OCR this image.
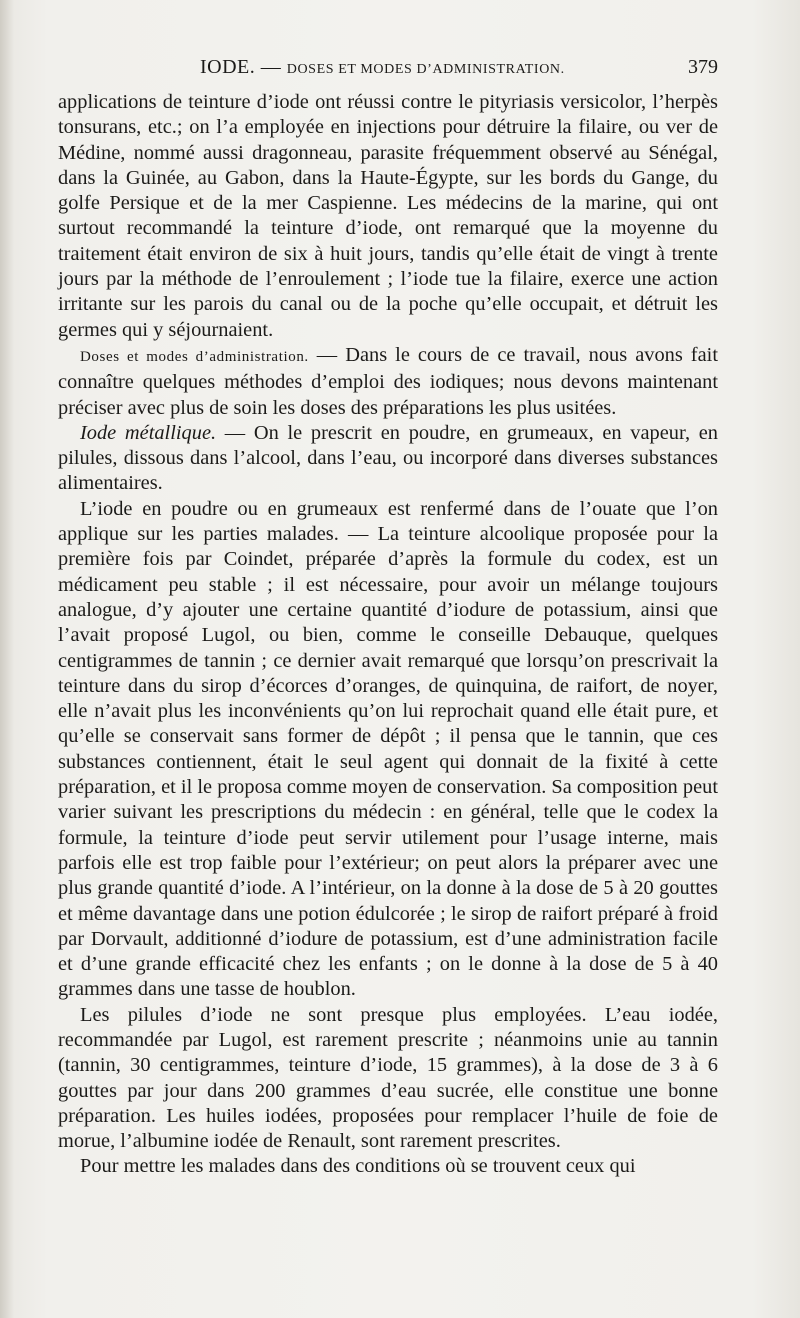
IODE. — DOSES ET MODES D’ADMINISTRATION.	379

applications de teinture d’iode ont réussi contre le pityriasis versicolor, l’herpès tonsurans, etc.; on l’a employée en injections pour détruire la filaire, ou ver de Médine, nommé aussi dragonneau, parasite fréquemment observé au Sénégal, dans la Guinée, au Gabon, dans la Haute-Égypte, sur les bords du Gange, du golfe Persique et de la mer Caspienne. Les médecins de la marine, qui ont surtout recommandé la teinture d’iode, ont remarqué que la moyenne du traitement était environ de six à huit jours, tandis qu’elle était de vingt à trente jours par la méthode de l’enroulement ; l’iode tue la filaire, exerce une action irritante sur les parois du canal ou de la poche qu’elle occupait, et détruit les germes qui y séjournaient.

Doses et modes d’administration. — Dans le cours de ce travail, nous avons fait connaître quelques méthodes d’emploi des iodiques; nous devons maintenant préciser avec plus de soin les doses des préparations les plus usitées.

Iode métallique. — On le prescrit en poudre, en grumeaux, en vapeur, en pilules, dissous dans l’alcool, dans l’eau, ou incorporé dans diverses substances alimentaires.

L’iode en poudre ou en grumeaux est renfermé dans de l’ouate que l’on applique sur les parties malades. — La teinture alcoolique proposée pour la première fois par Coindet, préparée d’après la formule du codex, est un médicament peu stable ; il est nécessaire, pour avoir un mélange toujours analogue, d’y ajouter une certaine quantité d’iodure de potassium, ainsi que l’avait proposé Lugol, ou bien, comme le conseille Debauque, quelques centigrammes de tannin ; ce dernier avait remarqué que lorsqu’on prescrivait la teinture dans du sirop d’écorces d’oranges, de quinquina, de raifort, de noyer, elle n’avait plus les inconvénients qu’on lui reprochait quand elle était pure, et qu’elle se conservait sans former de dépôt ; il pensa que le tannin, que ces substances contiennent, était le seul agent qui donnait de la fixité à cette préparation, et il le proposa comme moyen de conservation. Sa composition peut varier suivant les prescriptions du médecin : en général, telle que le codex la formule, la teinture d’iode peut servir utilement pour l’usage interne, mais parfois elle est trop faible pour l’extérieur; on peut alors la préparer avec une plus grande quantité d’iode. A l’intérieur, on la donne à la dose de 5 à 20 gouttes et même davantage dans une potion édulcorée ; le sirop de raifort préparé à froid par Dorvault, additionné d’iodure de potassium, est d’une administration facile et d’une grande efficacité chez les enfants ; on le donne à la dose de 5 à 40 grammes dans une tasse de houblon.

Les pilules d’iode ne sont presque plus employées. L’eau iodée, recommandée par Lugol, est rarement prescrite ; néanmoins unie au tannin (tannin, 30 centigrammes, teinture d’iode, 15 grammes), à la dose de 3 à 6 gouttes par jour dans 200 grammes d’eau sucrée, elle constitue une bonne préparation. Les huiles iodées, proposées pour remplacer l’huile de foie de morue, l’albumine iodée de Renault, sont rarement prescrites.

Pour mettre les malades dans des conditions où se trouvent ceux qui
